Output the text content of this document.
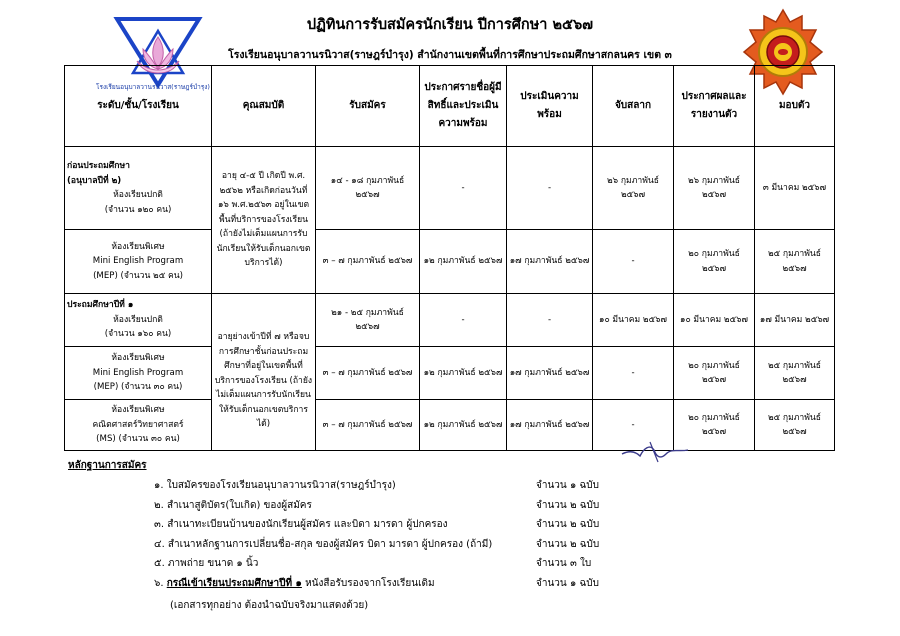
โรงเรียนอนุบาลวานรนิวาส(ราษฎร์บำรุง)
ปฏิทินการรับสมัครนักเรียน ปีการศึกษา ๒๕๖๗
โรงเรียนอนุบาลวานรนิวาส(ราษฎร์บำรุง) สำนักงานเขตพื้นที่การศึกษาประถมศึกษาสกลนคร เขต ๓
ระดับ/ชั้น/โรงเรียน	คุณสมบัติ	รับสมัคร	ประกาศรายชื่อผู้มีสิทธิ์และประเมินความพร้อม	ประเมินความพร้อม	จับสลาก	ประกาศผลและรายงานตัว	มอบตัว

ก่อนประถมศึกษา
(อนุบาลปีที่ ๒)
ห้องเรียนปกติ
(จำนวน ๑๒๐ คน)	อายุ ๔-๕ ปี เกิดปี พ.ศ. ๒๕๖๒ หรือเกิดก่อนวันที่ ๑๖ พ.ศ.๒๕๖๓ อยู่ในเขตพื้นที่บริการของโรงเรียน (ถ้ายังไม่เต็มแผนการรับนักเรียนให้รับเด็กนอกเขตบริการได้)	๑๔ - ๑๘ กุมภาพันธ์ ๒๕๖๗	-	-	๒๖ กุมภาพันธ์ ๒๕๖๗	๒๖ กุมภาพันธ์ ๒๕๖๗	๓ มีนาคม ๒๕๖๗

ห้องเรียนพิเศษ
Mini English Program
(MEP) (จำนวน ๒๕ คน)		๓ – ๗ กุมภาพันธ์ ๒๕๖๗	๑๒ กุมภาพันธ์ ๒๕๖๗	๑๗ กุมภาพันธ์ ๒๕๖๗	-	๒๐ กุมภาพันธ์ ๒๕๖๗	๒๕ กุมภาพันธ์ ๒๕๖๗

ประถมศึกษาปีที่ ๑
ห้องเรียนปกติ
(จำนวน ๑๖๐ คน)	อายุย่างเข้าปีที่ ๗ หรือจบการศึกษาชั้นก่อนประถมศึกษาที่อยู่ในเขตพื้นที่บริการของโรงเรียน (ถ้ายังไม่เต็มแผนการรับนักเรียนให้รับเด็กนอกเขตบริการได้)	๒๑ - ๒๕ กุมภาพันธ์ ๒๕๖๗	-	-	๑๐ มีนาคม ๒๕๖๗	๑๐ มีนาคม ๒๕๖๗	๑๗ มีนาคม ๒๕๖๗

ห้องเรียนพิเศษ
Mini English Program
(MEP) (จำนวน ๓๐ คน)		๓ – ๗ กุมภาพันธ์ ๒๕๖๗	๑๒ กุมภาพันธ์ ๒๕๖๗	๑๗ กุมภาพันธ์ ๒๕๖๗	-	๒๐ กุมภาพันธ์ ๒๕๖๗	๒๕ กุมภาพันธ์ ๒๕๖๗

ห้องเรียนพิเศษ
คณิตศาสตร์วิทยาศาสตร์
(MS) (จำนวน ๓๐ คน)		๓ – ๗ กุมภาพันธ์ ๒๕๖๗	๑๒ กุมภาพันธ์ ๒๕๖๗	๑๗ กุมภาพันธ์ ๒๕๖๗	-	๒๐ กุมภาพันธ์ ๒๕๖๗	๒๕ กุมภาพันธ์ ๒๕๖๗
หลักฐานการสมัคร
๑. ใบสมัครของโรงเรียนอนุบาลวานรนิวาส(ราษฎร์บำรุง)	จำนวน ๑ ฉบับ
๒. สำเนาสูติบัตร(ใบเกิด) ของผู้สมัคร	จำนวน ๒ ฉบับ
๓. สำเนาทะเบียนบ้านของนักเรียนผู้สมัคร และบิดา มารดา ผู้ปกครอง	จำนวน ๒ ฉบับ
๔. สำเนาหลักฐานการเปลี่ยนชื่อ-สกุล ของผู้สมัคร บิดา มารดา ผู้ปกครอง (ถ้ามี)	จำนวน ๒ ฉบับ
๕. ภาพถ่าย ขนาด ๑ นิ้ว	จำนวน ๓ ใบ
๖. กรณีเข้าเรียนประถมศึกษาปีที่ ๑ หนังสือรับรองจากโรงเรียนเดิม	จำนวน ๑ ฉบับ
(เอกสารทุกอย่าง ต้องนำฉบับจริงมาแสดงด้วย)
